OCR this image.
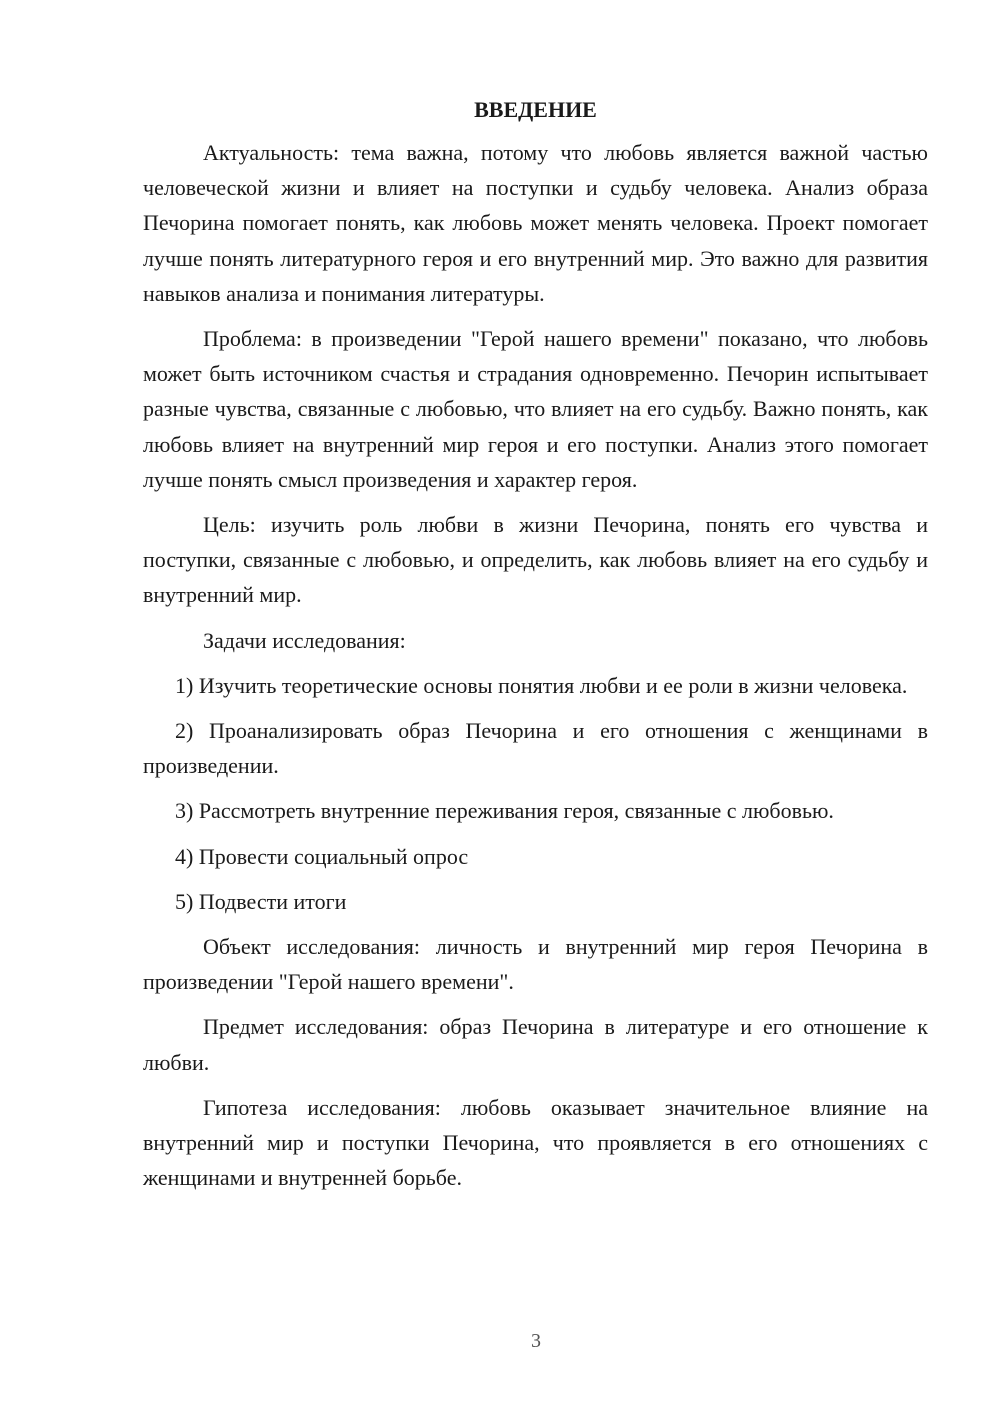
ВВЕДЕНИЕ

Актуальность: тема важна, потому что любовь является важной частью человеческой жизни и влияет на поступки и судьбу человека. Анализ образа Печорина помогает понять, как любовь может менять человека. Проект помогает лучше понять литературного героя и его внутренний мир. Это важно для развития навыков анализа и понимания литературы.

Проблема: в произведении "Герой нашего времени" показано, что любовь может быть источником счастья и страдания одновременно. Печорин испытывает разные чувства, связанные с любовью, что влияет на его судьбу. Важно понять, как любовь влияет на внутренний мир героя и его поступки. Анализ этого помогает лучше понять смысл произведения и характер героя.

Цель: изучить роль любви в жизни Печорина, понять его чувства и поступки, связанные с любовью, и определить, как любовь влияет на его судьбу и внутренний мир.

Задачи исследования:

1) Изучить теоретические основы понятия любви и ее роли в жизни человека.

2) Проанализировать образ Печорина и его отношения с женщинами в произведении.

3) Рассмотреть внутренние переживания героя, связанные с любовью.

4) Провести социальный опрос

5) Подвести итоги

Объект исследования: личность и внутренний мир героя Печорина в произведении "Герой нашего времени".

Предмет исследования: образ Печорина в литературе и его отношение к любви.

Гипотеза исследования: любовь оказывает значительное влияние на внутренний мир и поступки Печорина, что проявляется в его отношениях с женщинами и внутренней борьбе.

3
